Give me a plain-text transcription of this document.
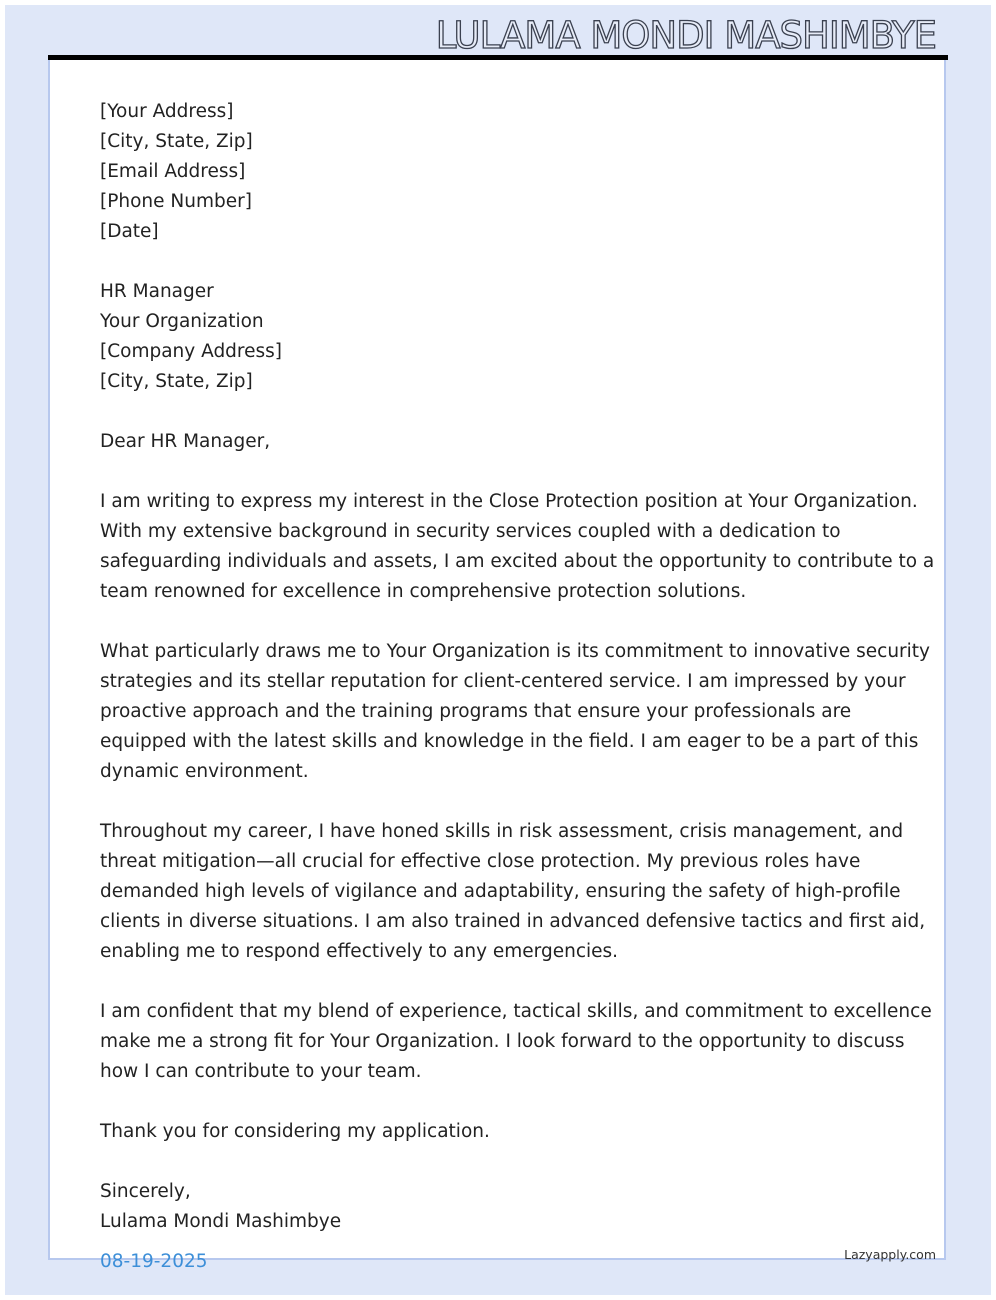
LULAMA MONDI MASHIMBYE
[Your Address]
[City, State, Zip]
[Email Address]
[Phone Number]
[Date]
HR Manager
Your Organization
[Company Address]
[City, State, Zip]
Dear HR Manager,
I am writing to express my interest in the Close Protection position at Your Organization.
With my extensive background in security services coupled with a dedication to
safeguarding individuals and assets, I am excited about the opportunity to contribute to a
team renowned for excellence in comprehensive protection solutions.
What particularly draws me to Your Organization is its commitment to innovative security
strategies and its stellar reputation for client-centered service. I am impressed by your
proactive approach and the training programs that ensure your professionals are
equipped with the latest skills and knowledge in the field. I am eager to be a part of this
dynamic environment.
Throughout my career, I have honed skills in risk assessment, crisis management, and
threat mitigation—all crucial for effective close protection. My previous roles have
demanded high levels of vigilance and adaptability, ensuring the safety of high-profile
clients in diverse situations. I am also trained in advanced defensive tactics and first aid,
enabling me to respond effectively to any emergencies.
I am confident that my blend of experience, tactical skills, and commitment to excellence
make me a strong fit for Your Organization. I look forward to the opportunity to discuss
how I can contribute to your team.
Thank you for considering my application.
Sincerely,
Lulama Mondi Mashimbye
08-19-2025	Lazyapply.com
